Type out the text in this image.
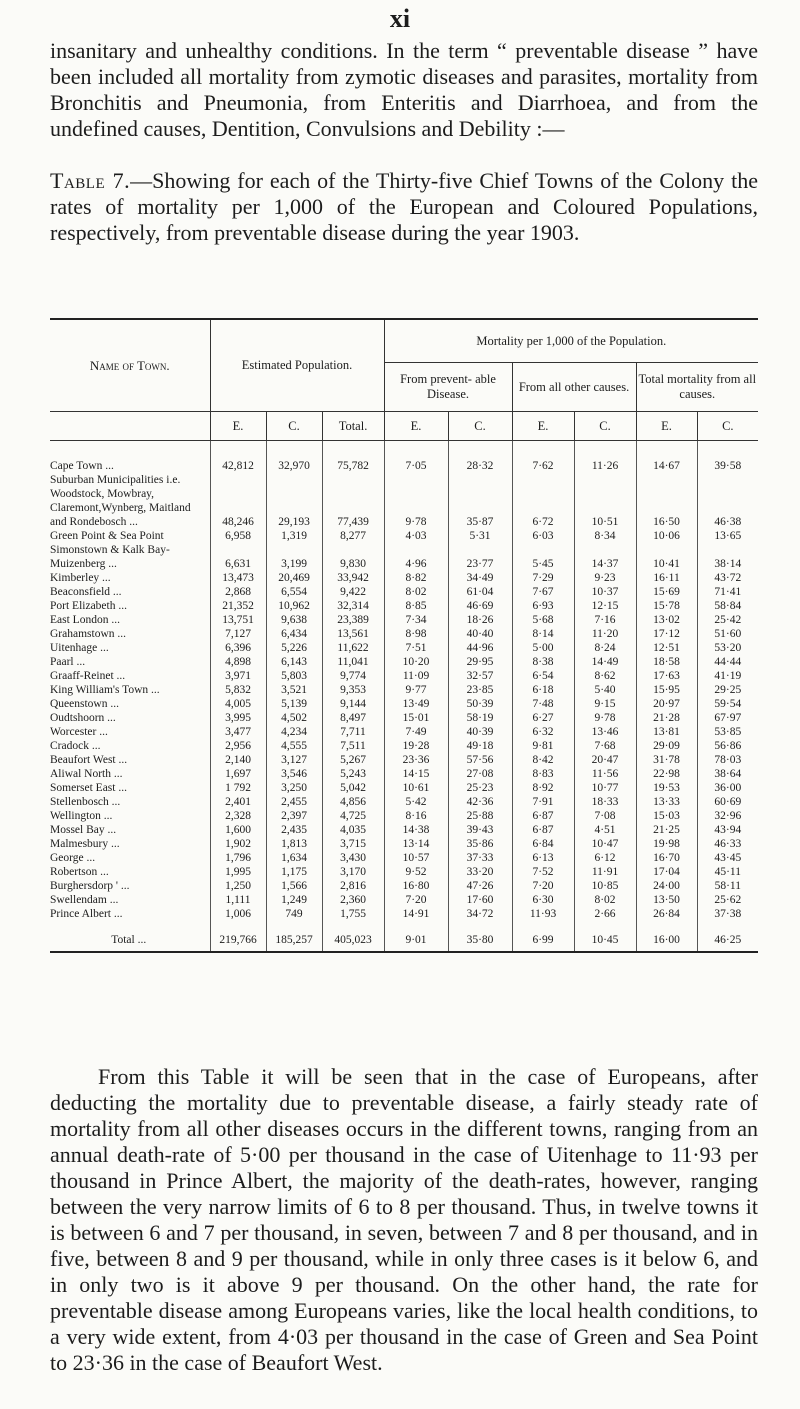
xi

insanitary and unhealthy conditions. In the term “ preventable disease ” have been included all mortality from zymotic diseases and parasites, mortality from Bronchitis and Pneumonia, from Enteritis and Diarrhoea, and from the undefined causes, Dentition, Convulsions and Debility :—

Table 7.—Showing for each of the Thirty-five Chief Towns of the Colony the rates of mortality per 1,000 of the European and Coloured Populations, respectively, from preventable disease during the year 1903.

Name of Town.	Estimated Population.			Mortality per 1,000 of the Population.					
				From prevent- able Disease.		From all other causes.		Total mortality from all causes.	
	E.	C.	Total.	E.	C.	E.	C.	E.	C.

Cape Town ...	42,812	32,970	75,782	7·05	28·32	7·62	11·26	14·67	39·58
Suburban Municipalities i.e. Woodstock, Mowbray, Claremont,Wynberg, Maitland and Rondebosch ...	48,246	29,193	77,439	9·78	35·87	6·72	10·51	16·50	46·38
Green Point & Sea Point	6,958	1,319	8,277	4·03	5·31	6·03	8·34	10·06	13·65
Simonstown & Kalk Bay-Muizenberg ...	6,631	3,199	9,830	4·96	23·77	5·45	14·37	10·41	38·14
Kimberley ...	13,473	20,469	33,942	8·82	34·49	7·29	9·23	16·11	43·72
Beaconsfield ...	2,868	6,554	9,422	8·02	61·04	7·67	10·37	15·69	71·41
Port Elizabeth ...	21,352	10,962	32,314	8·85	46·69	6·93	12·15	15·78	58·84
East London ...	13,751	9,638	23,389	7·34	18·26	5·68	7·16	13·02	25·42
Grahamstown ...	7,127	6,434	13,561	8·98	40·40	8·14	11·20	17·12	51·60
Uitenhage ...	6,396	5,226	11,622	7·51	44·96	5·00	8·24	12·51	53·20
Paarl ...	4,898	6,143	11,041	10·20	29·95	8·38	14·49	18·58	44·44
Graaff-Reinet ...	3,971	5,803	9,774	11·09	32·57	6·54	8·62	17·63	41·19
King William's Town ...	5,832	3,521	9,353	9·77	23·85	6·18	5·40	15·95	29·25
Queenstown ...	4,005	5,139	9,144	13·49	50·39	7·48	9·15	20·97	59·54
Oudtshoorn ...	3,995	4,502	8,497	15·01	58·19	6·27	9·78	21·28	67·97
Worcester ...	3,477	4,234	7,711	7·49	40·39	6·32	13·46	13·81	53·85
Cradock ...	2,956	4,555	7,511	19·28	49·18	9·81	7·68	29·09	56·86
Beaufort West ...	2,140	3,127	5,267	23·36	57·56	8·42	20·47	31·78	78·03
Aliwal North ...	1,697	3,546	5,243	14·15	27·08	8·83	11·56	22·98	38·64
Somerset East ...	1 792	3,250	5,042	10·61	25·23	8·92	10·77	19·53	36·00
Stellenbosch ...	2,401	2,455	4,856	5·42	42·36	7·91	18·33	13·33	60·69
Wellington ...	2,328	2,397	4,725	8·16	25·88	6·87	7·08	15·03	32·96
Mossel Bay ...	1,600	2,435	4,035	14·38	39·43	6·87	4·51	21·25	43·94
Malmesbury ...	1,902	1,813	3,715	13·14	35·86	6·84	10·47	19·98	46·33
George ...	1,796	1,634	3,430	10·57	37·33	6·13	6·12	16·70	43·45
Robertson ...	1,995	1,175	3,170	9·52	33·20	7·52	11·91	17·04	45·11
Burghersdorp ' ...	1,250	1,566	2,816	16·80	47·26	7·20	10·85	24·00	58·11
Swellendam ...	1,111	1,249	2,360	7·20	17·60	6·30	8·02	13·50	25·62
Prince Albert ...	1,006	749	1,755	14·91	34·72	11·93	2·66	26·84	37·38

Total ...	219,766	185,257	405,023	9·01	35·80	6·99	10·45	16·00	46·25

From this Table it will be seen that in the case of Europeans, after deducting the mortality due to preventable disease, a fairly steady rate of mortality from all other diseases occurs in the different towns, ranging from an annual death-rate of 5·00 per thousand in the case of Uitenhage to 11·93 per thousand in Prince Albert, the majority of the death-rates, however, ranging between the very narrow limits of 6 to 8 per thousand. Thus, in twelve towns it is between 6 and 7 per thousand, in seven, between 7 and 8 per thousand, and in five, between 8 and 9 per thousand, while in only three cases is it below 6, and in only two is it above 9 per thousand. On the other hand, the rate for preventable disease among Europeans varies, like the local health conditions, to a very wide extent, from 4·03 per thousand in the case of Green and Sea Point to 23·36 in the case of Beaufort West.
